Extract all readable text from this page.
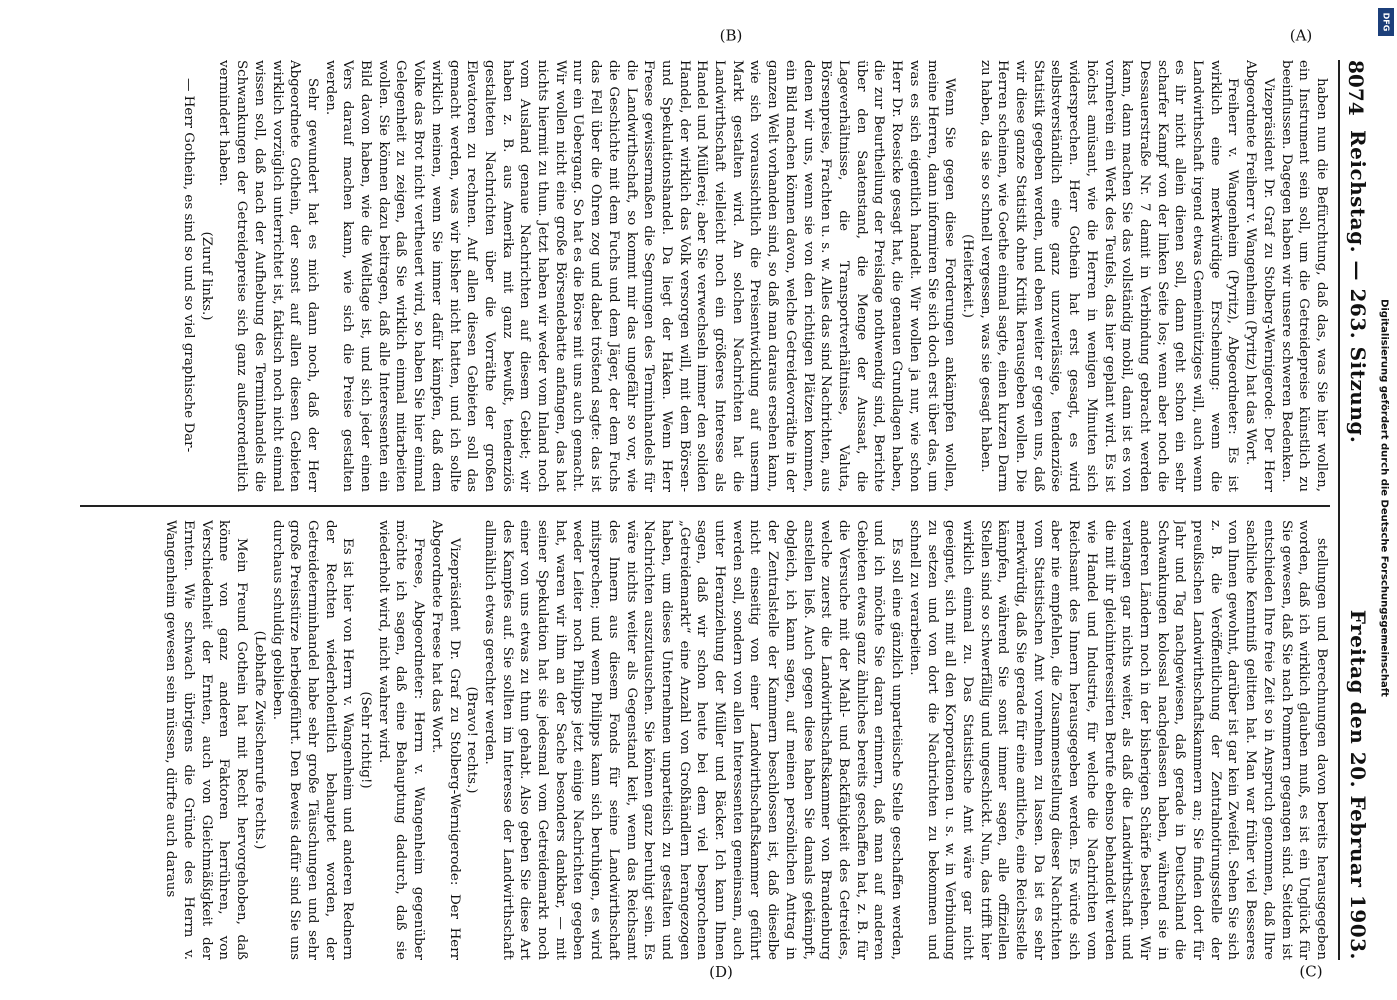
8074
Reichstag. — 263. Sitzung.
Freitag den 20. Februar 1903.
(A)
(B)
(C)
(D)

haben nun die Befürchtung, daß das, was Sie hier wollen, ein Instrument sein soll, um die Getreidepreise künstlich zu beeinflussen. Dagegen haben wir unsere schweren Bedenken.

Vizepräsident Dr. Graf zu Stolberg-Wernigerode: Der Herr Abgeordnete Freiherr v. Wangenheim (Pyritz) hat das Wort.

Freiherr v. Wangenheim (Pyritz), Abgeordneter: Es ist wirklich eine merkwürdige Erscheinung: wenn die Landwirthschaft irgend etwas Gemeinnütziges will, auch wenn es ihr nicht allein dienen soll, dann geht schon ein sehr scharfer Kampf von der linken Seite los; wenn aber noch die Dessauerstraße Nr. 7 damit in Verbindung gebracht werden kann, dann machen Sie das vollständig mobil, dann ist es von vornherein ein Werk des Teufels, das hier geplant wird. Es ist höchst amüsant, wie die Herren in wenigen Minuten sich widersprechen. Herr Gothein hat erst gesagt, es wird selbstverständlich eine ganz unzuverlässige, tendenziöse Statistik gegeben werden, und eben weiter er gegen uns, daß wir diese ganze Statistik ohne Kritik herausgeben wollen. Die Herren scheinen, wie Goethe einmal sagte, einen kurzen Darm zu haben, da sie so schnell vergessen, was sie gesagt haben.

(Heiterkeit.)

Wenn Sie gegen diese Forderungen ankämpfen wollen, meine Herren, dann informiren Sie sich doch erst über das, um was es sich eigentlich handelt. Wir wollen ja nur, wie schon Herr Dr. Roesicke gesagt hat, die genauen Grundlagen haben, die zur Beurtheilung der Preislage nothwendig sind, Berichte über den Saatenstand, die Menge der Aussaat, die Lageverhältnisse, die Transportverhältnisse, Valuta, Börsenpreise, Frachten u. s. w. Alles das sind Nachrichten, aus denen wir uns, wenn sie von den richtigen Plätzen kommen, ein Bild machen können davon, welche Getreidevorräthe in der ganzen Welt vorhanden sind, so daß man daraus ersehen kann, wie sich voraussichtlich die Preisentwicklung auf unserm Markt gestalten wird. An solchen Nachrichten hat die Landwirthschaft vielleicht noch ein größeres Interesse als Handel und Müllerei; aber Sie verwechseln immer den soliden Handel, der wirklich das Volk versorgen will, mit dem Börsen- und Spekulationshandel. Da liegt der Haken. Wenn Herr Freese gewissermaßen die Segnungen des Terminhandels für die Landwirthschaft, so kommt mir das ungefähr so vor, wie die Geschichte mit dem Fuchs und dem Jäger, der dem Fuchs das Fell über die Ohren zog und dabei tröstend sagte: das ist nur ein Uebergang. So hat es die Börse mit uns auch gemacht. Wir wollen nicht eine große Börsendebatte anfangen, das hat nichts hiermit zu thun. Jetzt haben wir weder vom Inland noch vom Ausland genaue Nachrichten auf diesem Gebiet; wir haben z. B. aus Amerika mit ganz bewußt, tendenziös gestalteten Nachrichten über die Vorräthe der großen Elevatoren zu rechnen. Auf allen diesen Gebieten soll das gemacht werden, was wir bisher nicht hatten, und ich sollte wirklich meinen, wenn Sie immer dafür kämpfen, daß dem Volke das Brot nicht vertheuert wird, so haben Sie hier einmal Gelegenheit zu zeigen, daß Sie wirklich einmal mitarbeiten wollen. Sie können dazu beitragen, daß alle Interessenten ein Bild davon haben, wie die Weltlage ist, und sich jeder einen Vers darauf machen kann, wie sich die Preise gestalten werden.

Sehr gewundert hat es mich dann noch, daß der Herr Abgeordnete Gothein, der sonst auf allen diesen Gebieten wirklich vorzüglich unterrichtet ist, faktisch noch nicht einmal wissen soll, daß nach der Aufhebung des Terminhandels die Schwankungen der Getreidepreise sich ganz außerordentlich vermindert haben.

(Zuruf links.)

— Herr Gothein, es sind so und so viel graphische Dar-

stellungen und Berechnungen davon bereits herausgegeben worden, daß ich wirklich glauben muß, es ist ein Unglück für Sie gewesen, daß Sie nach Pommern gegangen sind. Seitdem ist entschieden Ihre freie Zeit so in Anspruch genommen, daß Ihre sachliche Kenntniß gelitten hat. Man war früher viel Besseres von Ihnen gewohnt, darüber ist gar kein Zweifel. Sehen Sie sich z. B. die Veröffentlichung der Zentralnotirungsstelle der preußischen Landwirthschaftskammern an; Sie finden dort für Jahr und Tag nachgewiesen, daß gerade in Deutschland die Schwankungen kolossal nachgelassen haben, während sie in anderen Ländern noch in der bisherigen Schärfe bestehen. Wir verlangen gar nichts weiter, als daß die Landwirthschaft und die mit ihr gleichinteressirten Berufe ebenso behandelt werden wie Handel und Industrie, für welche die Nachrichten vom Reichsamt des Innern herausgegeben werden. Es würde sich aber nie empfehlen, die Zusammenstellung dieser Nachrichten vom Statistischen Amt vornehmen zu lassen. Da ist es sehr merkwürdig, daß Sie gerade für eine amtliche, eine Reichsstelle kämpfen, während Sie sonst immer sagen, alle offiziellen Stellen sind so schwerfällig und ungeschickt. Nun, das trifft hier wirklich einmal zu. Das Statistische Amt wäre gar nicht geeignet, sich mit all den Korporationen u. s. w. in Verbindung zu setzen und von dort die Nachrichten zu bekommen und schnell zu verarbeiten.

Es soll eine gänzlich unparteiische Stelle geschaffen werden, und ich möchte Sie daran erinnern, daß man auf anderen Gebieten etwas ganz ähnliches bereits geschaffen hat, z. B. für die Versuche mit der Mahl- und Backfähigkeit des Getreides, welche zuerst die Landwirthschaftskammer von Brandenburg anstellen ließ. Auch gegen diese haben Sie damals gekämpft, obgleich, ich kann sagen, auf meinen persönlichen Antrag in der Zentralstelle der Kammern beschlossen ist, daß dieselbe nicht einseitig von einer Landwirthschaftskammer geführt werden soll, sondern von allen Interessenten gemeinsam, auch unter Heranziehung der Müller und Bäcker. Ich kann Ihnen sagen, daß wir schon heute bei dem viel besprochenen „Getreidemarkt“ eine Anzahl von Großhändlern herangezogen haben, um dieses Unternehmen unparteiisch zu gestalten und Nachrichten auszutauschen. Sie können ganz beruhigt sein. Es wäre nichts weiter als Gegenstand keit, wenn das Reichsamt des Innern aus diesem Fonds für seine Landwirthschaft mitsprechen; und wenn Philipps kann sich beruhigen, es wird weder Leiter noch Philipps jetzt einige Nachrichten gegeben hat, waren wir ihm an der Sache besonders dankbar, — mit seiner Spekulation hat sie jedesmal vom Getreidemarkt noch einer von uns etwas zu thun gehabt. Also geben Sie diese Art des Kampfes auf. Sie sollten im Interesse der Landwirthschaft allmählich etwas gerechter werden.

(Bravo! rechts.)

Vizepräsident Dr. Graf zu Stolberg-Wernigerode: Der Herr Abgeordnete Freese hat das Wort.

Freese, Abgeordneter: Herrn v. Wangenheim gegenüber möchte ich sagen, daß eine Behauptung dadurch, daß sie wiederholt wird, nicht wahrer wird.

(Sehr richtig!)

Es ist hier von Herrn v. Wangenheim und anderen Rednern der Rechten wiederholentlich behauptet worden, der Getreideterminhandel habe sehr große Täuschungen und sehr große Preisstürze herbeigeführt. Den Beweis dafür sind Sie uns durchaus schuldig geblieben.

(Lebhafte Zwischenrufe rechts.)

Mein Freund Gothein hat mit Recht hervorgehoben, daß könne von ganz anderen Faktoren herrühren, von Verschiedenheit der Ernten, auch von Gleichmäßigkeit der Ernten. Wie schwach übrigens die Gründe des Herrn v. Wangenheim gewesen sein müssen, dürfte auch daraus

Digitalisierung gefördert durch die Deutsche Forschungsgemeinschaft
DFG
